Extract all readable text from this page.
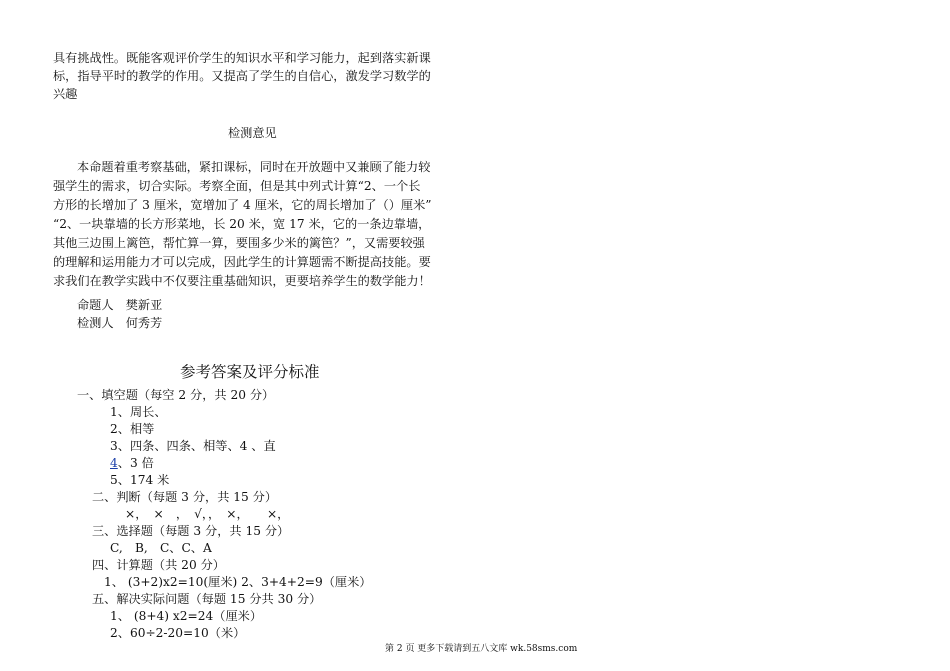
具有挑战性。既能客观评价学生的知识水平和学习能力，起到落实新课
标，指导平时的教学的作用。又提高了学生的自信心，激发学习数学的
兴趣
检测意见
本命题着重考察基础，紧扣课标，同时在开放题中又兼顾了能力较
强学生的需求，切合实际。考察全面，但是其中列式计算“2、一个长
方形的长增加了 3 厘米，宽增加了 4 厘米，它的周长增加了（）厘米”
“2、一块靠墙的长方形菜地，长 20 米，宽 17 米，它的一条边靠墙，
其他三边围上篱笆，帮忙算一算，要围多少米的篱笆？”，又需要较强
的理解和运用能力才可以完成，因此学生的计算题需不断提高技能。要
求我们在教学实践中不仅要注重基础知识，更要培养学生的数学能力！
命题人　樊新亚
检测人　何秀芳
参考答案及评分标准
一、填空题（每空 2 分，共 20 分）
1、周长、
2、相等
3、四条、四条、相等、4 、直
4、3 倍
5、174 米
二、判断（每题 3 分，共 15 分）
×，　×　，　√，，　×，　　×，
三、选择题（每题 3 分，共 15 分）
C,　B,　C、C、A
四、计算题（共 20 分）
1、 (3+2)x2=10(厘米) 2、3+4+2=9（厘米）
五、解决实际问题（每题 15 分共 30 分）
1、 (8+4) x2=24（厘米）
2、60÷2-20=10（米）
第 2 页 更多下载请到五八文库 wk.58sms.com
